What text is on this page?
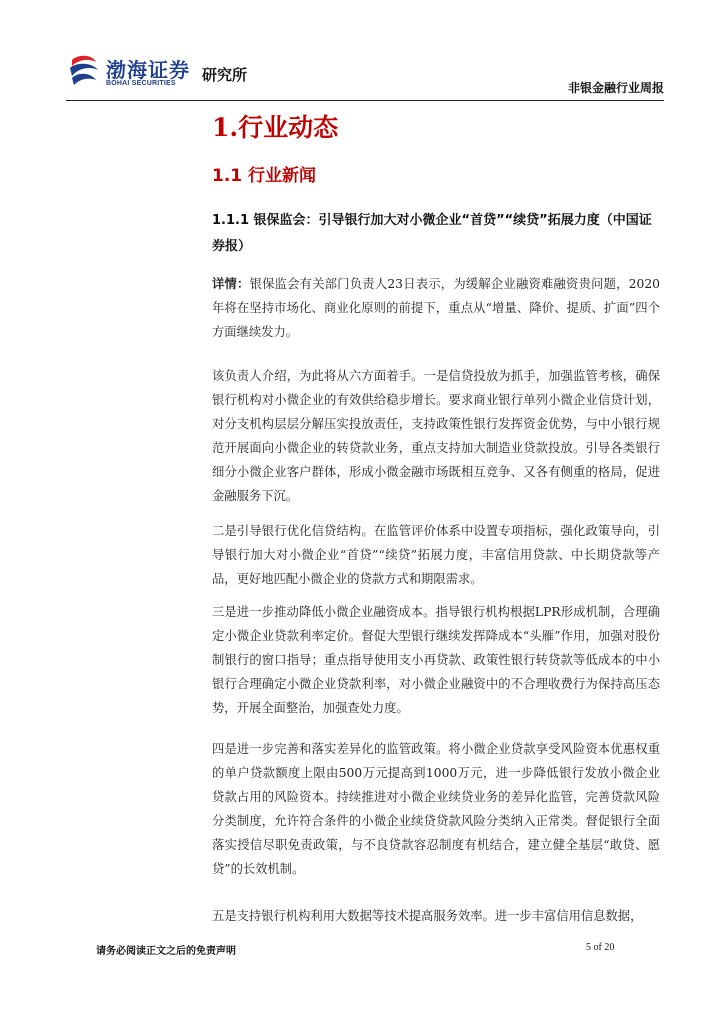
渤海证券
BOHAI SECURITIES 研究所
非银金融行业周报
1.行业动态
1.1 行业新闻
1.1.1 银保监会：引导银行加大对小微企业“首贷”“续贷”拓展力度（中国证券报）
详情：银保监会有关部门负责人23日表示，为缓解企业融资难融资贵问题，2020年将在坚持市场化、商业化原则的前提下，重点从“增量、降价、提质、扩面”四个方面继续发力。
该负责人介绍，为此将从六方面着手。一是信贷投放为抓手，加强监管考核，确保银行机构对小微企业的有效供给稳步增长。要求商业银行单列小微企业信贷计划，对分支机构层层分解压实投放责任，支持政策性银行发挥资金优势，与中小银行规范开展面向小微企业的转贷款业务，重点支持加大制造业贷款投放。引导各类银行细分小微企业客户群体，形成小微金融市场既相互竞争、又各有侧重的格局，促进金融服务下沉。
二是引导银行优化信贷结构。在监管评价体系中设置专项指标，强化政策导向，引导银行加大对小微企业“首贷”“续贷”拓展力度，丰富信用贷款、中长期贷款等产品，更好地匹配小微企业的贷款方式和期限需求。
三是进一步推动降低小微企业融资成本。指导银行机构根据LPR形成机制，合理确定小微企业贷款利率定价。督促大型银行继续发挥降成本“头雁”作用，加强对股份制银行的窗口指导；重点指导使用支小再贷款、政策性银行转贷款等低成本的中小银行合理确定小微企业贷款利率，对小微企业融资中的不合理收费行为保持高压态势，开展全面整治，加强查处力度。
四是进一步完善和落实差异化的监管政策。将小微企业贷款享受风险资本优惠权重的单户贷款额度上限由500万元提高到1000万元，进一步降低银行发放小微企业贷款占用的风险资本。持续推进对小微企业续贷业务的差异化监管，完善贷款风险分类制度，允许符合条件的小微企业续贷贷款风险分类纳入正常类。督促银行全面落实授信尽职免责政策，与不良贷款容忍制度有机结合，建立健全基层“敢贷、愿贷”的长效机制。
五是支持银行机构利用大数据等技术提高服务效率。进一步丰富信用信息数据，
请务必阅读正文之后的免责声明	5 of 20
